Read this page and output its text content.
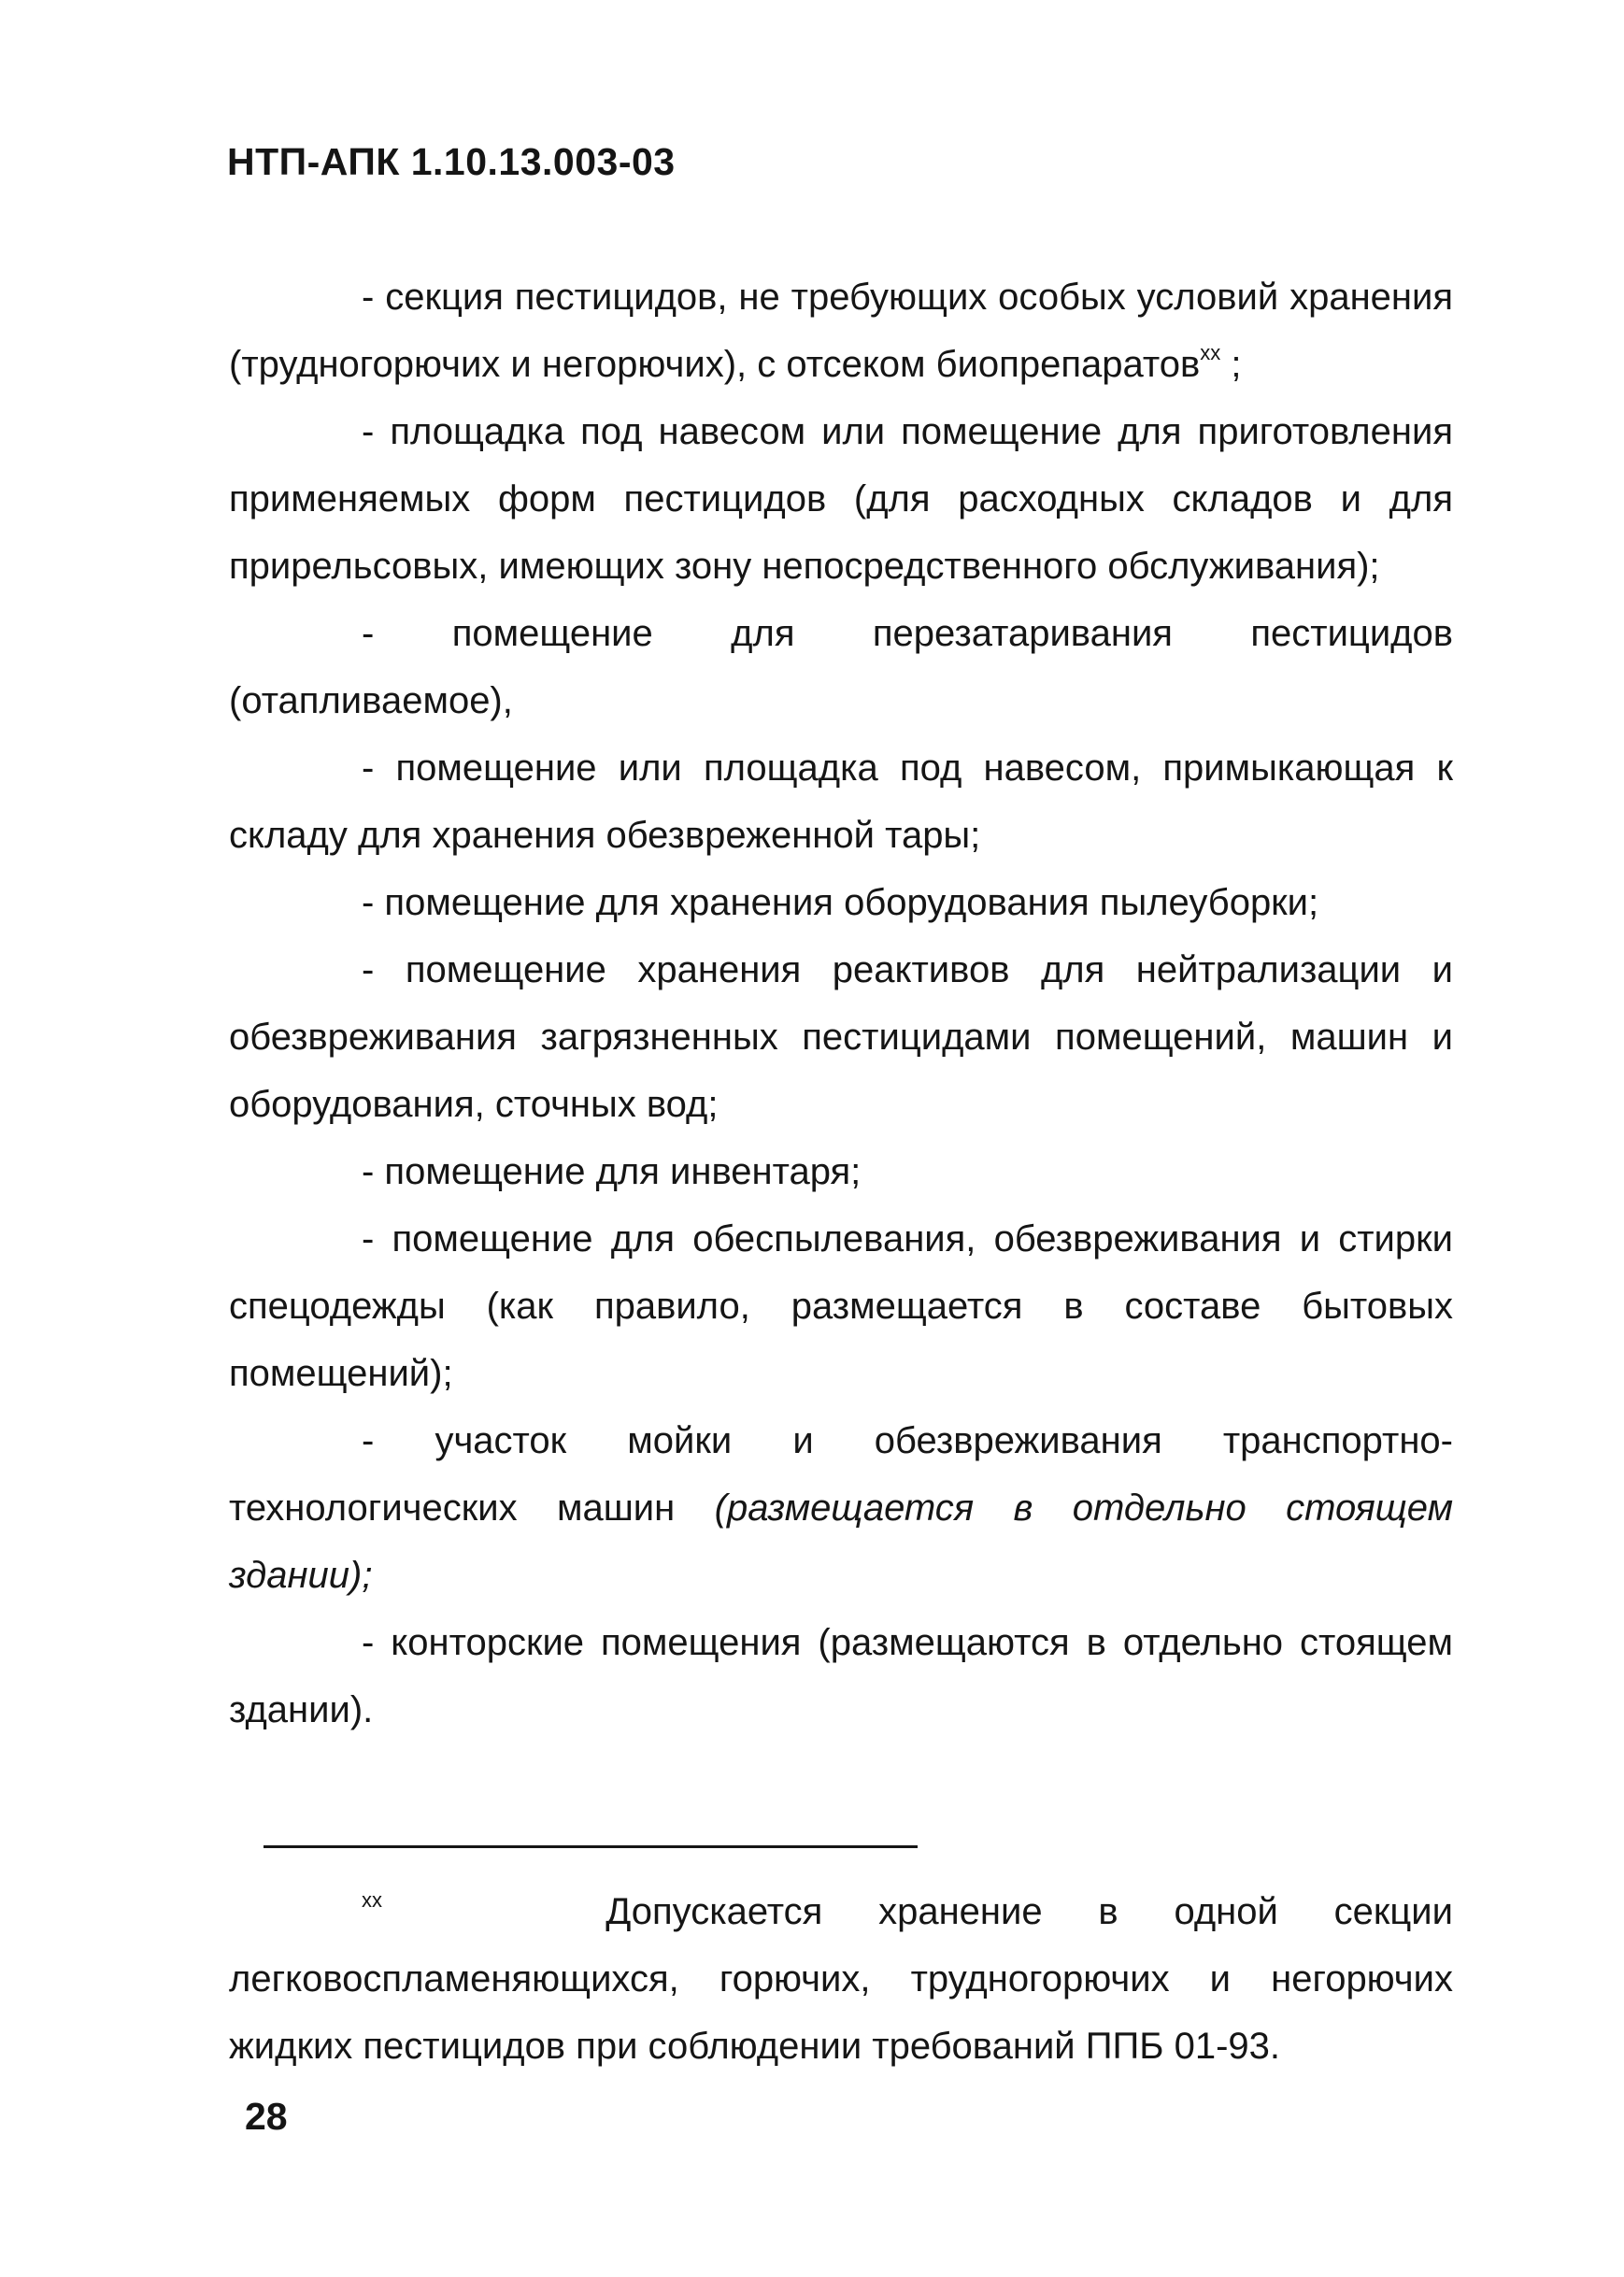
НТП-АПК 1.10.13.003-03

- секция пестицидов, не требующих особых условий хранения (трудногорючих и негорючих), с отсеком биопрепаратов$^{xx}$ ;

- площадка под навесом или помещение для приготовления применяемых форм пестицидов (для расходных складов и для прирельсовых, имеющих зону непосредственного обслуживания);

- помещение для перезатаривания пестицидов (отапливаемое),

- помещение или площадка под навесом, примыкающая к складу для хранения обезвреженной тары;

- помещение для хранения оборудования пылеуборки;

- помещение хранения реактивов для нейтрализации и обезвреживания загрязненных пестицидами помещений, машин и оборудования, сточных вод;

- помещение для инвентаря;

- помещение для обеспылевания, обезвреживания и стирки спецодежды (как правило, размещается в составе бытовых помещений);

- участок мойки и обезвреживания транспортно-технологических машин (размещается в отдельно стоящем здании);

- конторские помещения (размещаются в отдельно стоящем здании).

$^{xx}$	Допускается хранение в одной секции легковоспламеняющихся, горючих, трудногорючих и негорючих жидких пестицидов при соблюдении требований ППБ 01-93.

28
